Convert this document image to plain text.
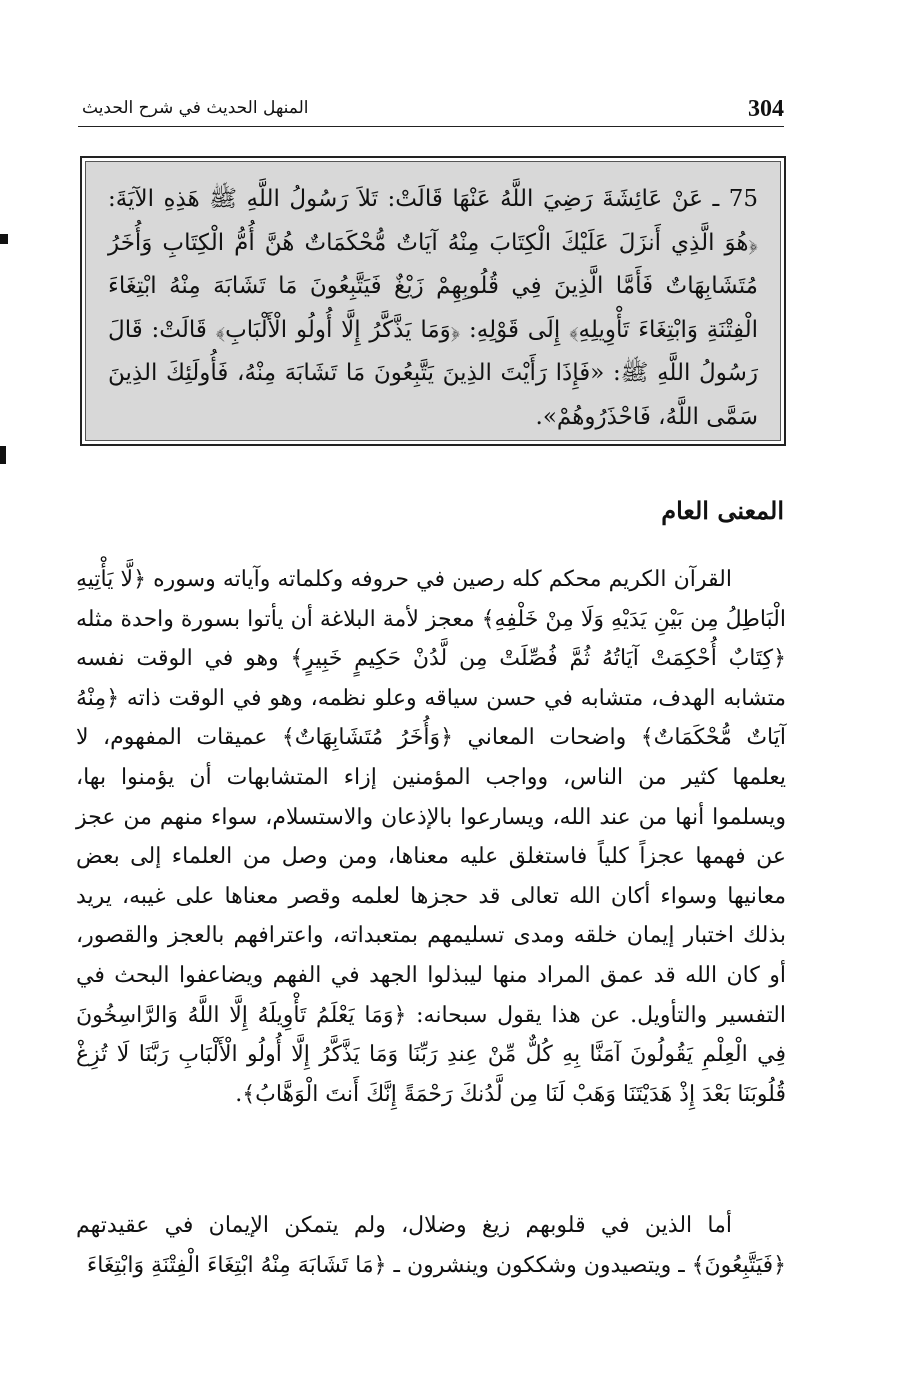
304
المنهل الحديث في شرح الحديث

75 ـ عَنْ عَائِشَةَ رَضِيَ اللَّهُ عَنْهَا قَالَتْ: تَلاَ رَسُولُ اللَّهِ ﷺ هَذِهِ الآيَةَ: ﴿هُوَ الَّذِي أَنزَلَ عَلَيْكَ الْكِتَابَ مِنْهُ آيَاتٌ مُّحْكَمَاتٌ هُنَّ أُمُّ الْكِتَابِ وَأُخَرُ مُتَشَابِهَاتٌ فَأَمَّا الَّذِينَ فِي قُلُوبِهِمْ زَيْغٌ فَيَتَّبِعُونَ مَا تَشَابَهَ مِنْهُ ابْتِغَاءَ الْفِتْنَةِ وَابْتِغَاءَ تَأْوِيلِهِ﴾ إِلَى قَوْلِهِ: ﴿وَمَا يَذَّكَّرُ إِلَّا أُولُو الْأَلْبَابِ﴾ قَالَتْ: قَالَ رَسُولُ اللَّهِ ﷺ: «فَإِذَا رَأَيْتَ الذِينَ يَتَّبِعُونَ مَا تَشَابَهَ مِنْهُ، فَأُولَئِكَ الذِينَ سَمَّى اللَّهُ، فَاحْذَرُوهُمْ».

المعنى العام

القرآن الكريم محكم كله رصين في حروفه وكلماته وآياته وسوره ﴿لَّا يَأْتِيهِ الْبَاطِلُ مِن بَيْنِ يَدَيْهِ وَلَا مِنْ خَلْفِهِ﴾ معجز لأمة البلاغة أن يأتوا بسورة واحدة مثله ﴿كِتَابٌ أُحْكِمَتْ آيَاتُهُ ثُمَّ فُصِّلَتْ مِن لَّدُنْ حَكِيمٍ خَبِيرٍ﴾ وهو في الوقت نفسه متشابه الهدف، متشابه في حسن سياقه وعلو نظمه، وهو في الوقت ذاته ﴿مِنْهُ آيَاتٌ مُّحْكَمَاتٌ﴾ واضحات المعاني ﴿وَأُخَرُ مُتَشَابِهَاتٌ﴾ عميقات المفهوم، لا يعلمها كثير من الناس، وواجب المؤمنين إزاء المتشابهات أن يؤمنوا بها، ويسلموا أنها من عند الله، ويسارعوا بالإذعان والاستسلام، سواء منهم من عجز عن فهمها عجزاً كلياً فاستغلق عليه معناها، ومن وصل من العلماء إلى بعض معانيها وسواء أكان الله تعالى قد حجزها لعلمه وقصر معناها على غيبه، يريد بذلك اختبار إيمان خلقه ومدى تسليمهم بمتعبداته، واعترافهم بالعجز والقصور، أو كان الله قد عمق المراد منها ليبذلوا الجهد في الفهم ويضاعفوا البحث في التفسير والتأويل. عن هذا يقول سبحانه: ﴿وَمَا يَعْلَمُ تَأْوِيلَهُ إِلَّا اللَّهُ وَالرَّاسِخُونَ فِي الْعِلْمِ يَقُولُونَ آمَنَّا بِهِ كُلٌّ مِّنْ عِندِ رَبِّنَا وَمَا يَذَّكَّرُ إِلَّا أُولُو الْأَلْبَابِ رَبَّنَا لَا تُزِغْ قُلُوبَنَا بَعْدَ إِذْ هَدَيْتَنَا وَهَبْ لَنَا مِن لَّدُنكَ رَحْمَةً إِنَّكَ أَنتَ الْوَهَّابُ﴾.

أما الذين في قلوبهم زيغ وضلال، ولم يتمكن الإيمان في عقيدتهم ﴿فَيَتَّبِعُونَ﴾ ـ ويتصيدون وشككون وينشرون ـ ﴿مَا تَشَابَهَ مِنْهُ ابْتِغَاءَ الْفِتْنَةِ وَابْتِغَاءَ
